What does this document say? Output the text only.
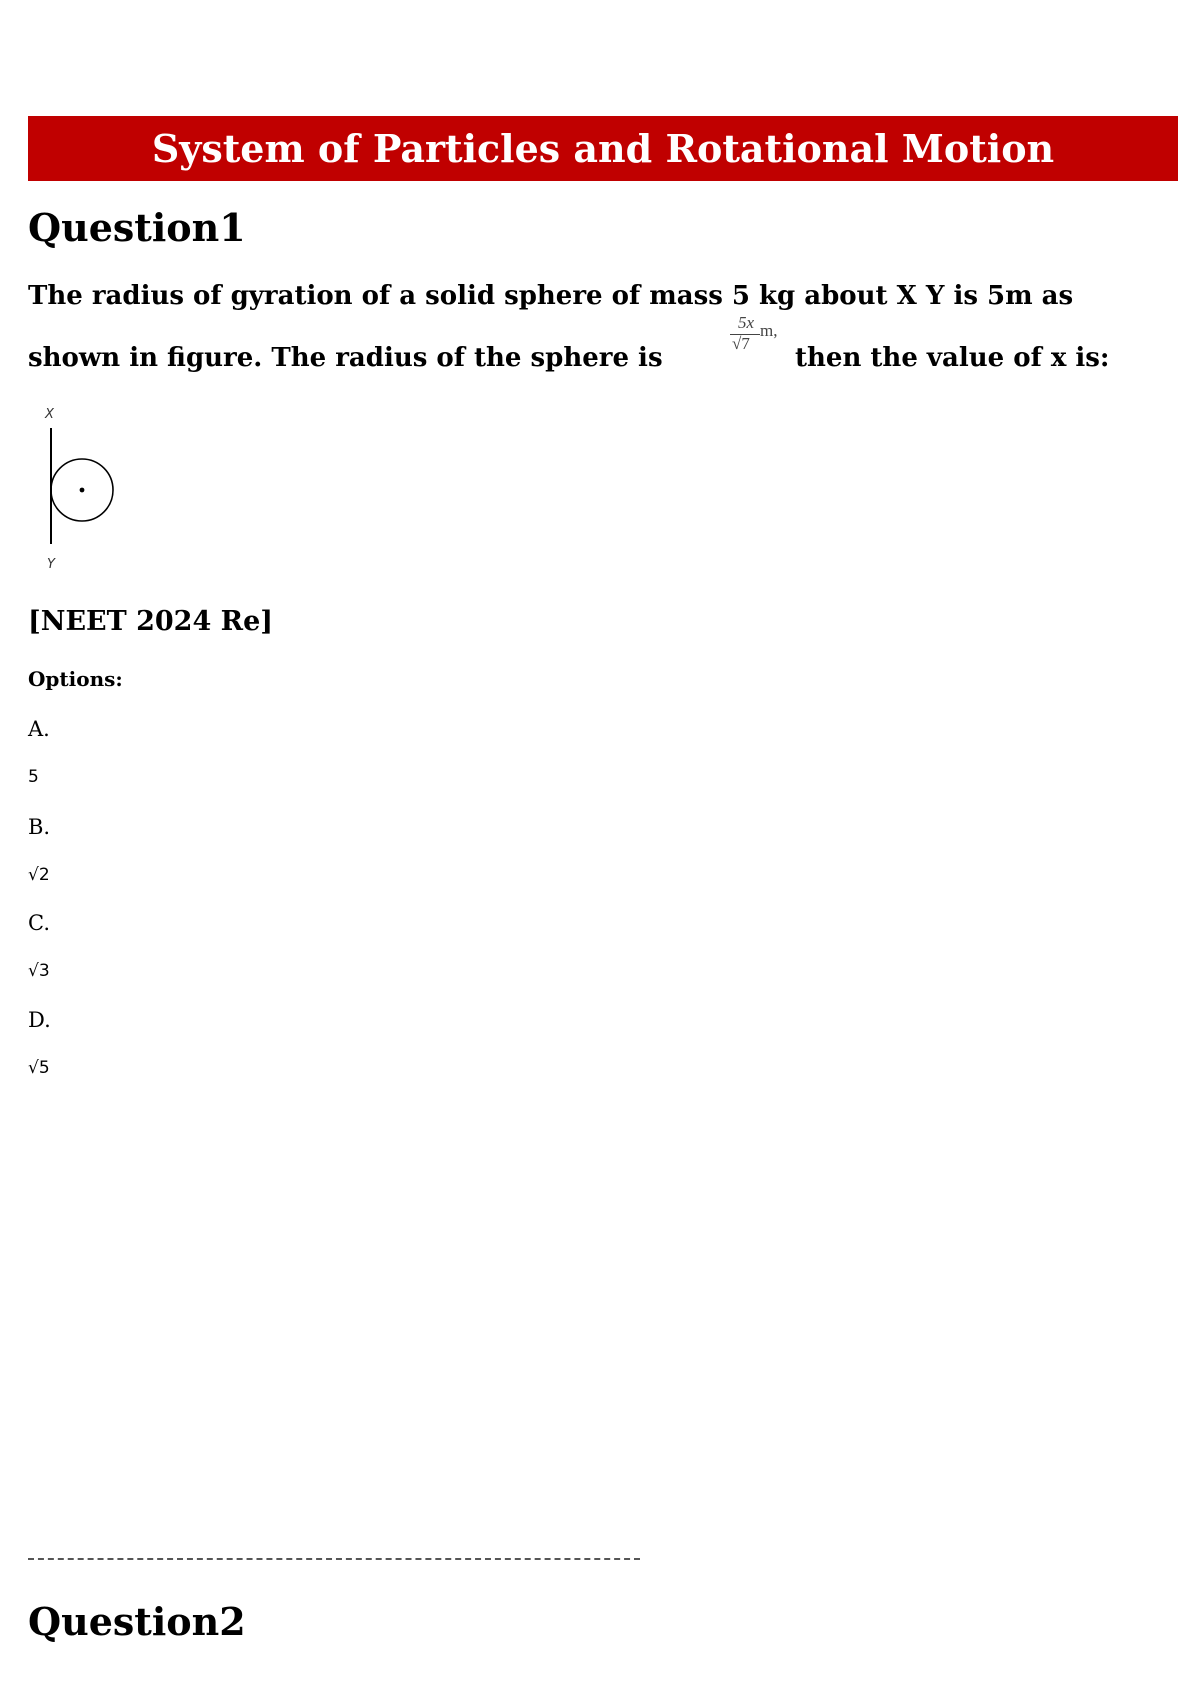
System of Particles and Rotational Motion
Question1

The radius of gyration of a solid sphere of mass 5 kg about X Y is 5m as

shown in figure. The radius of the sphere is

5x
√7
m,

then the value of x is:

X
Y

[NEET 2024 Re]

Options:

A.

5

B.

√2

C.

√3

D.

√5

Question2
